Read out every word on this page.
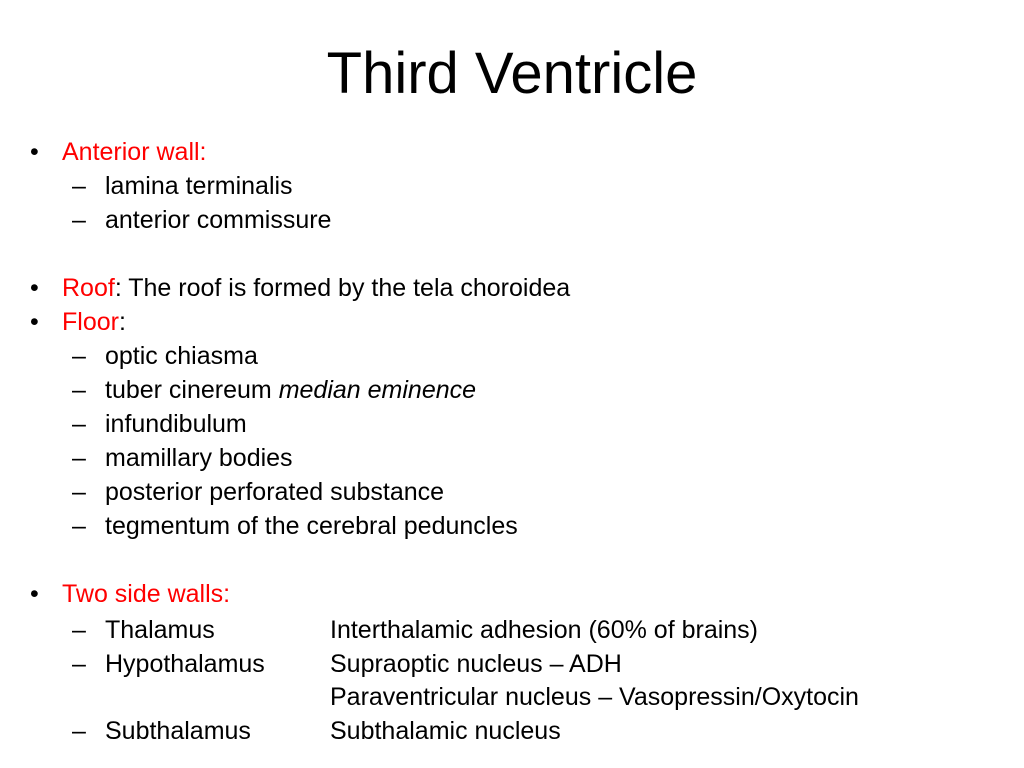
Third Ventricle
• Anterior wall:
– lamina terminalis
– anterior commissure
• Roof: The roof is formed by the tela choroidea
• Floor:
– optic chiasma
– tuber cinereum median eminence
– infundibulum
– mamillary bodies
– posterior perforated substance
– tegmentum of the cerebral peduncles
• Two side walls:
– Thalamus	Interthalamic adhesion (60% of brains)
– Hypothalamus	Supraoptic nucleus – ADH
Paraventricular nucleus – Vasopressin/Oxytocin
– Subthalamus	Subthalamic nucleus
